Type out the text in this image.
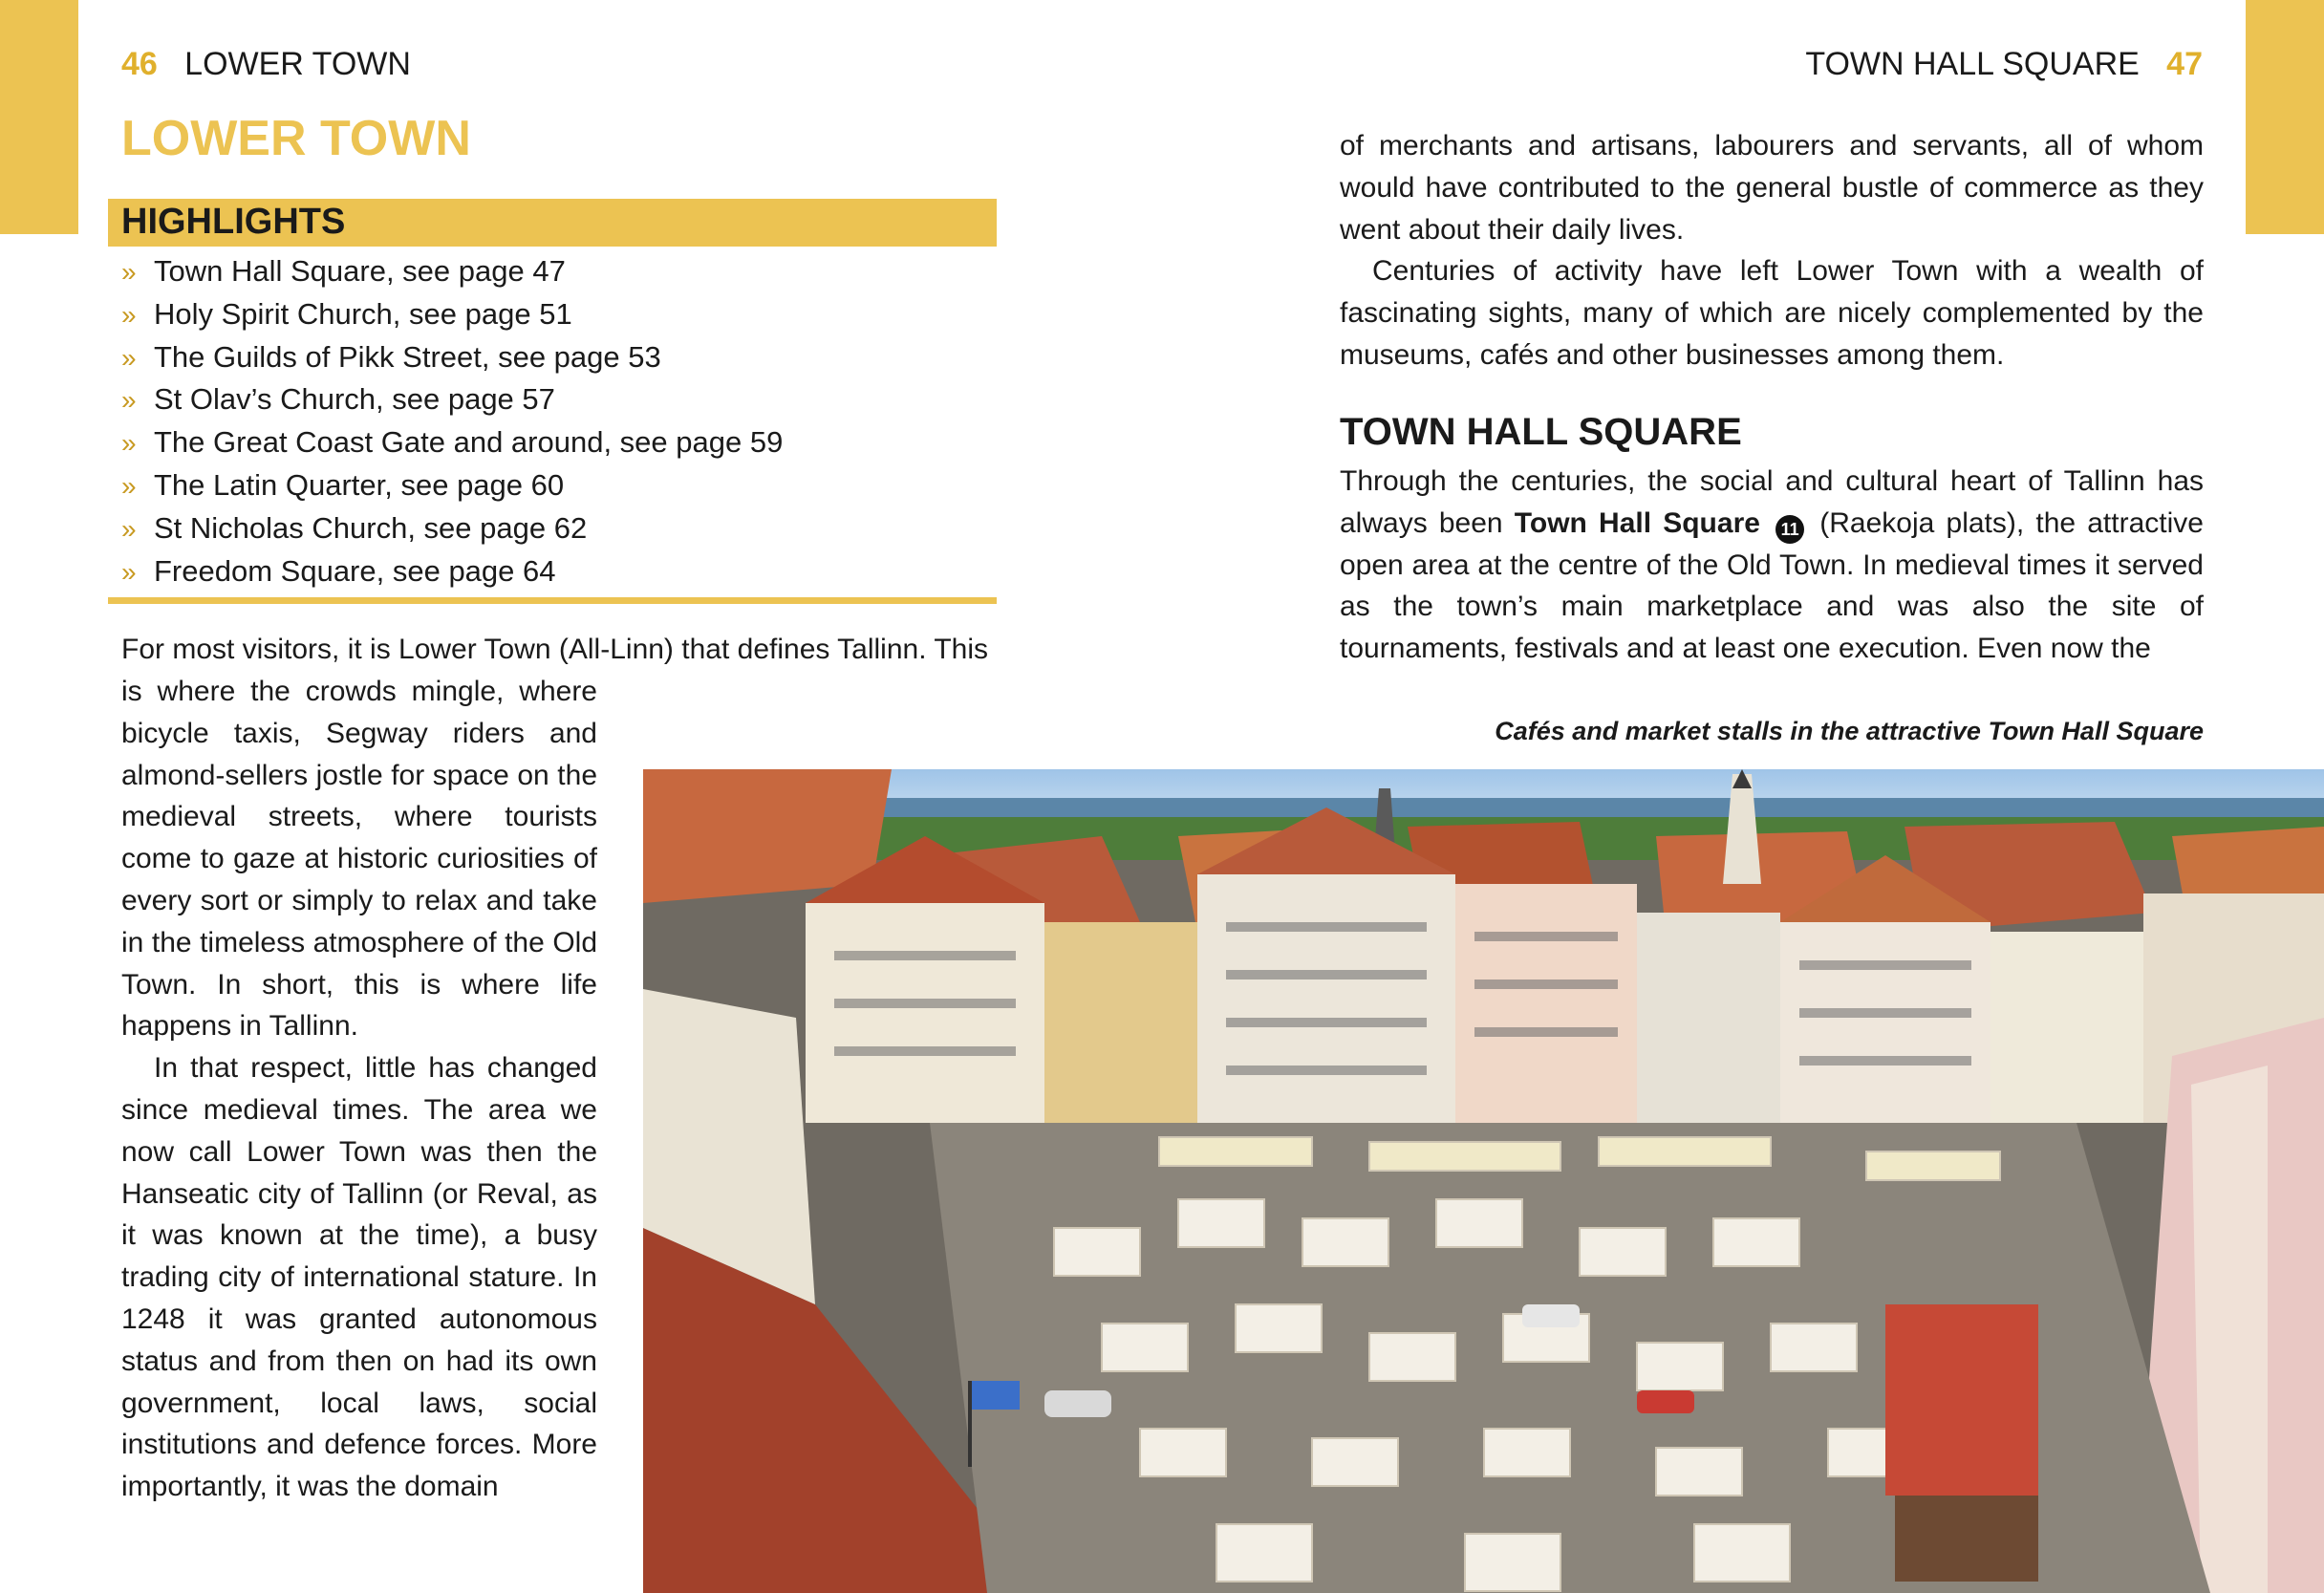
46 LOWER TOWN	TOWN HALL SQUARE 47
LOWER TOWN
HIGHLIGHTS
» Town Hall Square, see page 47
» Holy Spirit Church, see page 51
» The Guilds of Pikk Street, see page 53
» St Olav’s Church, see page 57
» The Great Coast Gate and around, see page 59
» The Latin Quarter, see page 60
» St Nicholas Church, see page 62
» Freedom Square, see page 64
For most visitors, it is Lower Town (All-Linn) that defines Tallinn. This

is where the crowds mingle, where bicycle taxis, Segway riders and almond-sellers jostle for space on the medieval streets, where tourists come to gaze at historic curiosities of every sort or simply to relax and take in the timeless atmosphere of the Old Town. In short, this is where life happens in Tallinn.

In that respect, little has changed since medieval times. The area we now call Lower Town was then the Hanseatic city of Tallinn (or Reval, as it was known at the time), a busy trading city of international stature. In 1248 it was granted autonomous status and from then on had its own government, local laws, social institutions and defence forces. More importantly, it was the domain

of merchants and artisans, labourers and servants, all of whom would have contributed to the general bustle of commerce as they went about their daily lives.

Centuries of activity have left Lower Town with a wealth of fascinating sights, many of which are nicely complemented by the museums, cafés and other businesses among them.

TOWN HALL SQUARE

Through the centuries, the social and cultural heart of Tallinn has always been Town Hall Square 11 (Raekoja plats), the attractive open area at the centre of the Old Town. In medieval times it served as the town’s main marketplace and was also the site of tournaments, festivals and at least one execution. Even now the

Cafés and market stalls in the attractive Town Hall Square
